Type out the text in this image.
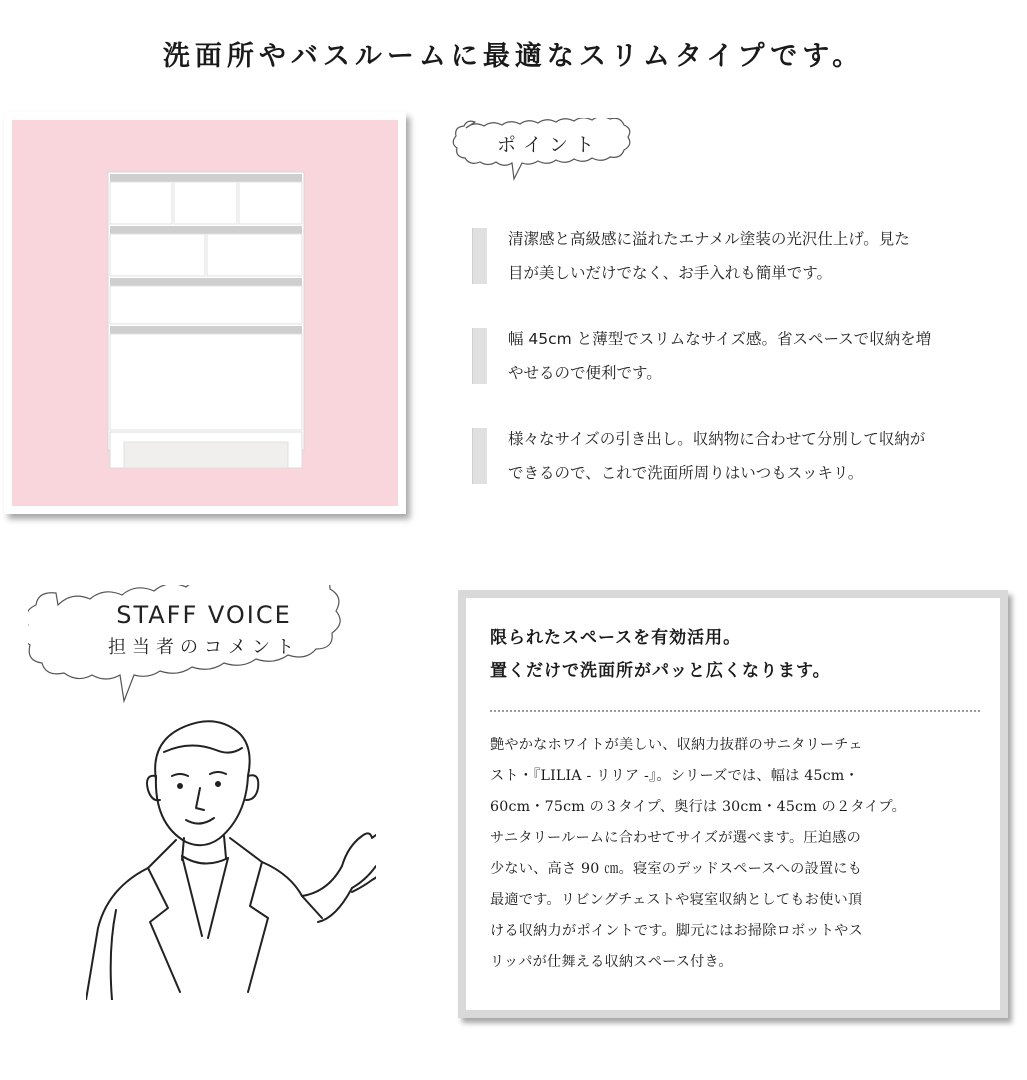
洗面所やバスルームに最適なスリムタイプです。
ポイント
清潔感と高級感に溢れたエナメル塗装の光沢仕上げ。見た
目が美しいだけでなく、お手入れも簡単です。
幅 45cm と薄型でスリムなサイズ感。省スペースで収納を増
やせるので便利です。
様々なサイズの引き出し。収納物に合わせて分別して収納が
できるので、これで洗面所周りはいつもスッキリ。
STAFF VOICE
担当者のコメント	限られたスペースを有効活用。
置くだけで洗面所がパッと広くなります。
艶やかなホワイトが美しい、収納力抜群のサニタリーチェ
スト・『LILIA - リリア -』。シリーズでは、幅は 45cm・
60cm・75cm の３タイプ、奥行は 30cm・45cm の２タイプ。
サニタリールームに合わせてサイズが選べます。圧迫感の
少ない、高さ 90 ㎝。寝室のデッドスペースへの設置にも
最適です。リビングチェストや寝室収納としてもお使い頂
ける収納力がポイントです。脚元にはお掃除ロボットやス
リッパが仕舞える収納スペース付き。
